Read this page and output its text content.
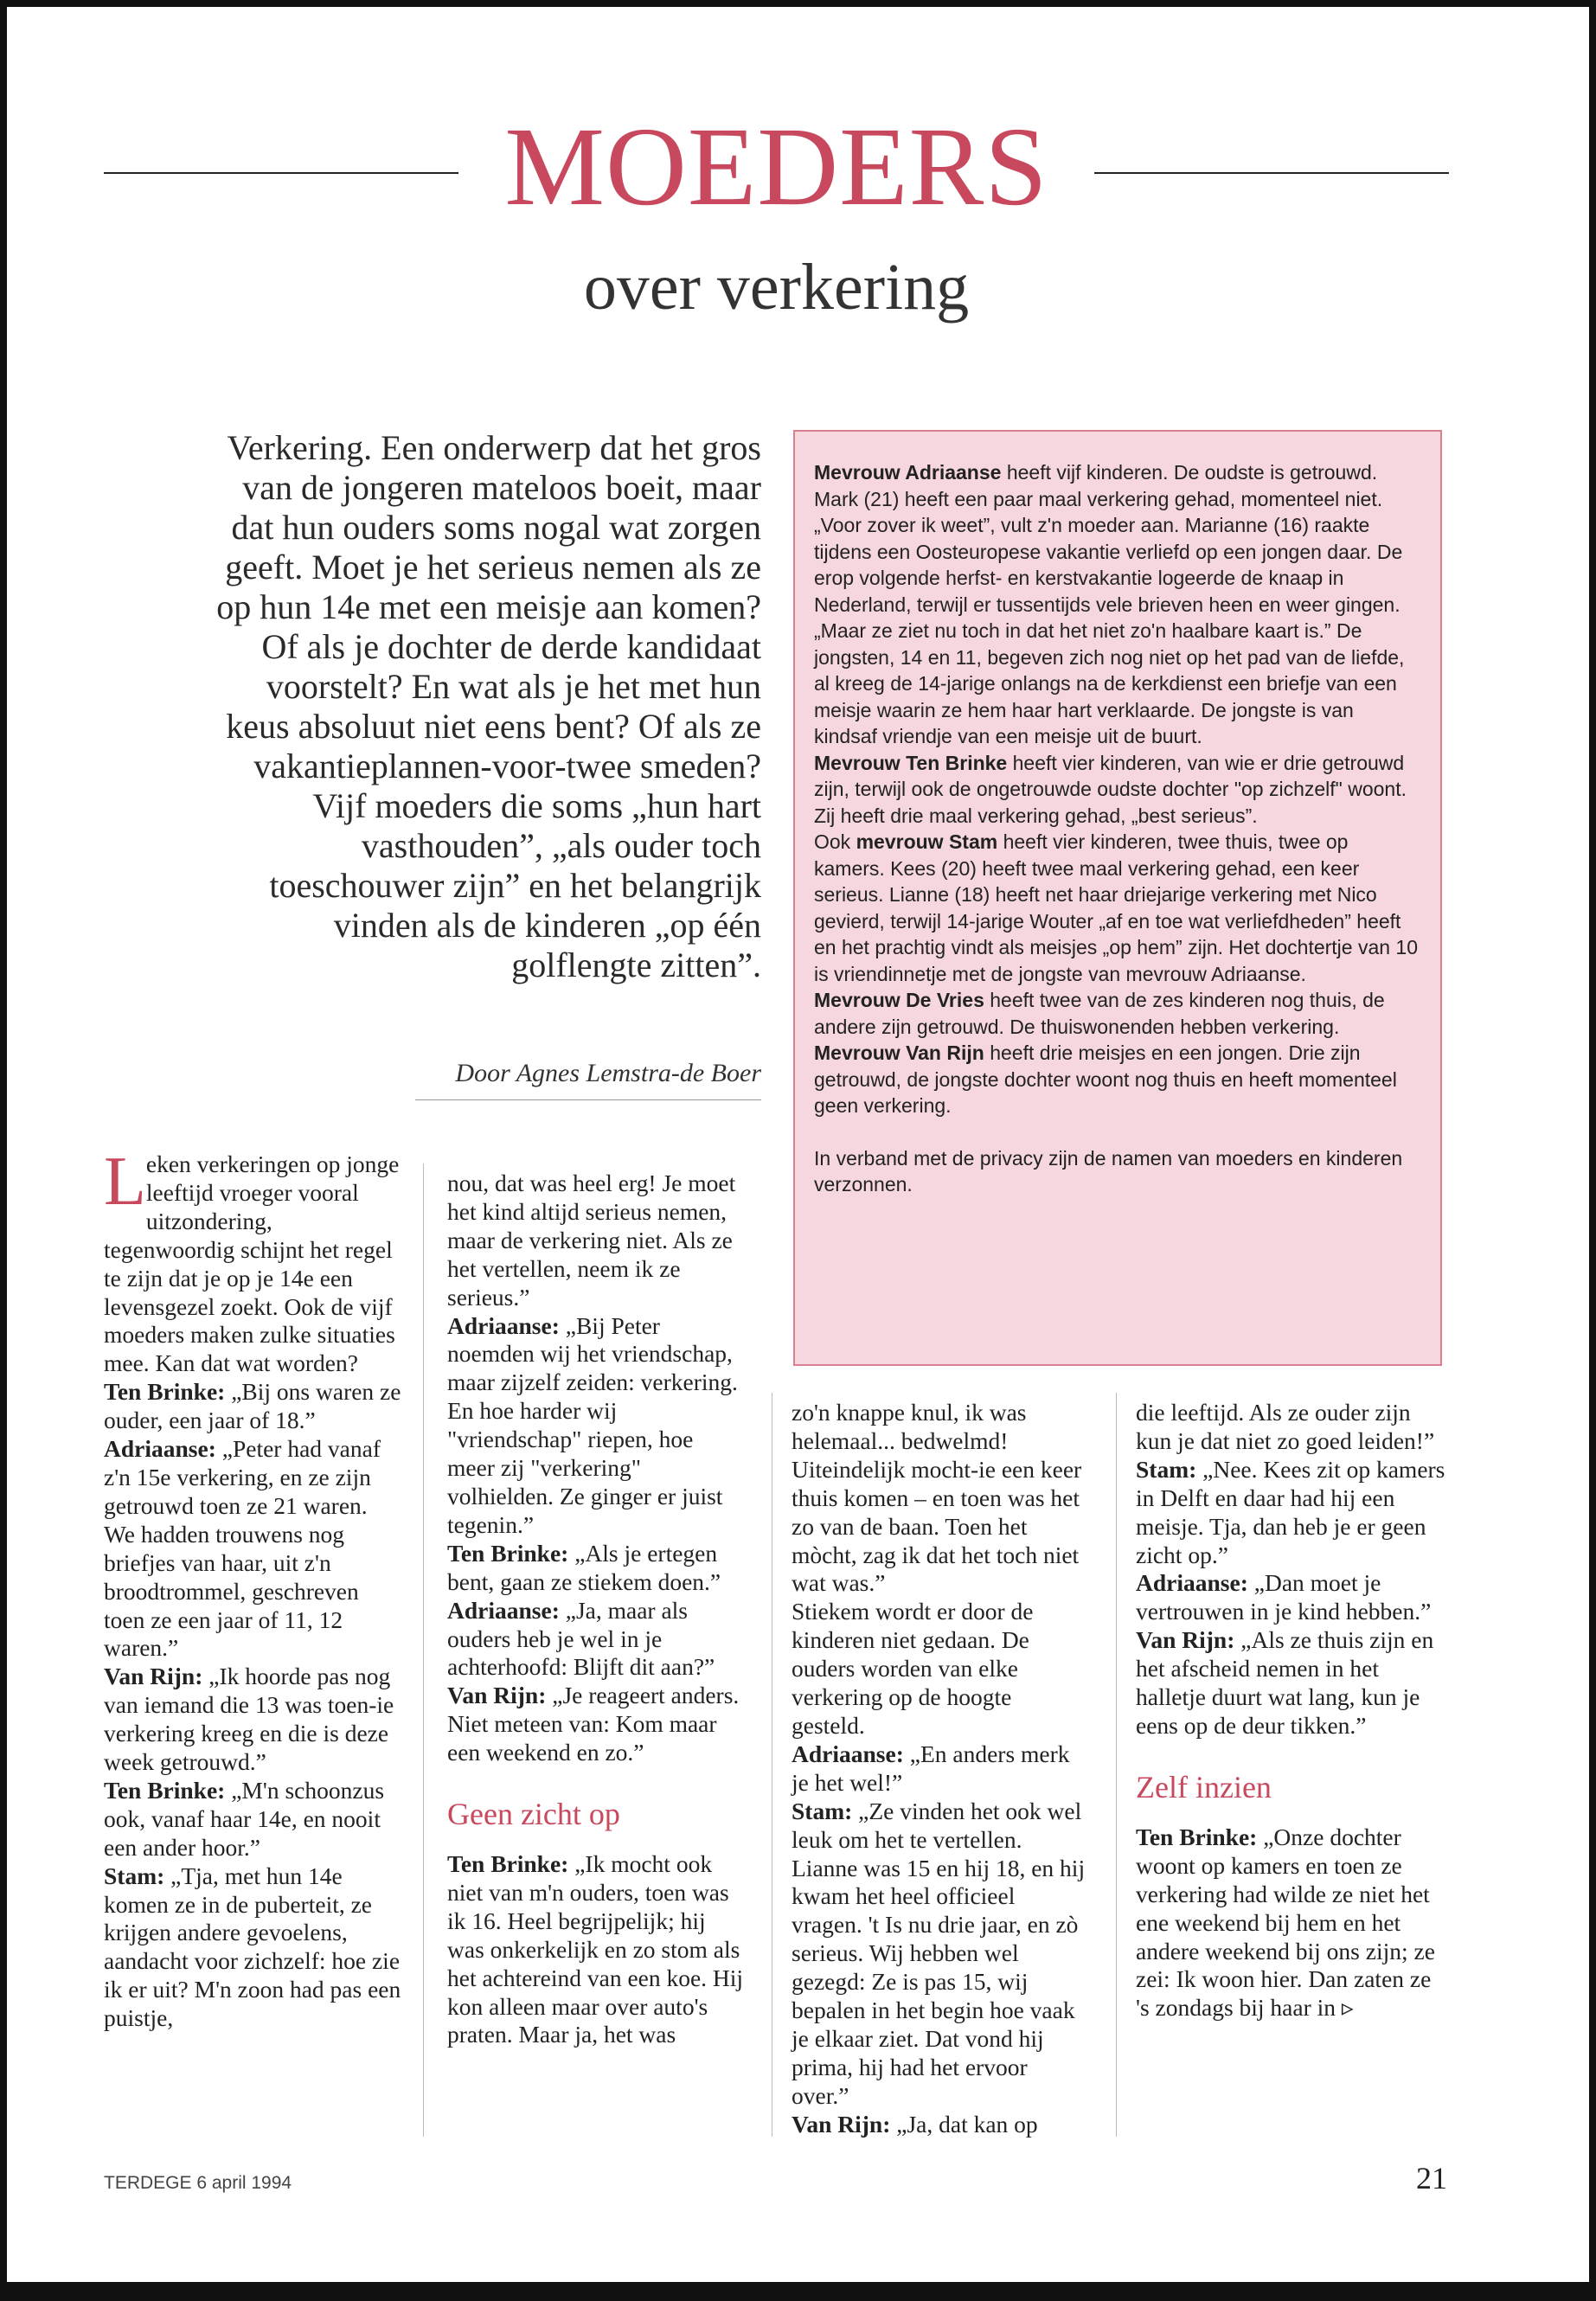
MOEDERS
over verkering
Verkering. Een onderwerp dat het gros van de jongeren mateloos boeit, maar dat hun ouders soms nogal wat zorgen geeft. Moet je het serieus nemen als ze op hun 14e met een meisje aan komen? Of als je dochter de derde kandidaat voorstelt? En wat als je het met hun keus absoluut niet eens bent? Of als ze vakantieplannen-voor-twee smeden? Vijf moeders die soms „hun hart vasthouden”, „als ouder toch toeschouwer zijn” en het belangrijk vinden als de kinderen „op één golflengte zitten”.
Door Agnes Lemstra-de Boer

Mevrouw Adriaanse heeft vijf kinderen. De oudste is getrouwd. Mark (21) heeft een paar maal verkering gehad, momenteel niet. „Voor zover ik weet”, vult z'n moeder aan. Marianne (16) raakte tijdens een Oosteuropese vakantie verliefd op een jongen daar. De erop volgende herfst- en kerstvakantie logeerde de knaap in Nederland, terwijl er tussentijds vele brieven heen en weer gingen. „Maar ze ziet nu toch in dat het niet zo'n haalbare kaart is.” De jongsten, 14 en 11, begeven zich nog niet op het pad van de liefde, al kreeg de 14-jarige onlangs na de kerkdienst een briefje van een meisje waarin ze hem haar hart verklaarde. De jongste is van kindsaf vriendje van een meisje uit de buurt.

Mevrouw Ten Brinke heeft vier kinderen, van wie er drie getrouwd zijn, terwijl ook de ongetrouwde oudste dochter "op zichzelf" woont. Zij heeft drie maal verkering gehad, „best serieus”.

Ook mevrouw Stam heeft vier kinderen, twee thuis, twee op kamers. Kees (20) heeft twee maal verkering gehad, een keer serieus. Lianne (18) heeft net haar driejarige verkering met Nico gevierd, terwijl 14-jarige Wouter „af en toe wat verliefdheden” heeft en het prachtig vindt als meisjes „op hem” zijn. Het dochtertje van 10 is vriendinnetje met de jongste van mevrouw Adriaanse.

Mevrouw De Vries heeft twee van de zes kinderen nog thuis, de andere zijn getrouwd. De thuiswonenden hebben verkering.

Mevrouw Van Rijn heeft drie meisjes en een jongen. Drie zijn getrouwd, de jongste dochter woont nog thuis en heeft momenteel geen verkering.

In verband met de privacy zijn de namen van moeders en kinderen verzonnen.

Leken verkeringen op jonge leeftijd vroeger vooral uitzondering, tegenwoordig schijnt het regel te zijn dat je op je 14e een levensgezel zoekt. Ook de vijf moeders maken zulke situaties mee. Kan dat wat worden?

Ten Brinke: „Bij ons waren ze ouder, een jaar of 18.”

Adriaanse: „Peter had vanaf z'n 15e verkering, en ze zijn getrouwd toen ze 21 waren. We hadden trouwens nog briefjes van haar, uit z'n broodtrommel, geschreven toen ze een jaar of 11, 12 waren.”

Van Rijn: „Ik hoorde pas nog van iemand die 13 was toen-ie verkering kreeg en die is deze week getrouwd.”

Ten Brinke: „M'n schoonzus ook, vanaf haar 14e, en nooit een ander hoor.”

Stam: „Tja, met hun 14e komen ze in de puberteit, ze krijgen andere gevoelens, aandacht voor zichzelf: hoe zie ik er uit? M'n zoon had pas een puistje,

nou, dat was heel erg! Je moet het kind altijd serieus nemen, maar de verkering niet. Als ze het vertellen, neem ik ze serieus.”

Adriaanse: „Bij Peter noemden wij het vriendschap, maar zijzelf zeiden: verkering. En hoe harder wij "vriendschap" riepen, hoe meer zij "verkering" volhielden. Ze ginger er juist tegenin.”

Ten Brinke: „Als je ertegen bent, gaan ze stiekem doen.”

Adriaanse: „Ja, maar als ouders heb je wel in je achterhoofd: Blijft dit aan?”

Van Rijn: „Je reageert anders. Niet meteen van: Kom maar een weekend en zo.”

Geen zicht op

Ten Brinke: „Ik mocht ook niet van m'n ouders, toen was ik 16. Heel begrijpelijk; hij was onkerkelijk en zo stom als het achtereind van een koe. Hij kon alleen maar over auto's praten. Maar ja, het was

zo'n knappe knul, ik was helemaal... bedwelmd! Uiteindelijk mocht-ie een keer thuis komen – en toen was het zo van de baan. Toen het mòcht, zag ik dat het toch niet wat was.”

Stiekem wordt er door de kinderen niet gedaan. De ouders worden van elke verkering op de hoogte gesteld.

Adriaanse: „En anders merk je het wel!”

Stam: „Ze vinden het ook wel leuk om het te vertellen. Lianne was 15 en hij 18, en hij kwam het heel officieel vragen. 't Is nu drie jaar, en zò serieus. Wij hebben wel gezegd: Ze is pas 15, wij bepalen in het begin hoe vaak je elkaar ziet. Dat vond hij prima, hij had het ervoor over.”

Van Rijn: „Ja, dat kan op

die leeftijd. Als ze ouder zijn kun je dat niet zo goed leiden!”

Stam: „Nee. Kees zit op kamers in Delft en daar had hij een meisje. Tja, dan heb je er geen zicht op.”

Adriaanse: „Dan moet je vertrouwen in je kind hebben.”

Van Rijn: „Als ze thuis zijn en het afscheid nemen in het halletje duurt wat lang, kun je eens op de deur tikken.”

Zelf inzien

Ten Brinke: „Onze dochter woont op kamers en toen ze verkering had wilde ze niet het ene weekend bij hem en het andere weekend bij ons zijn; ze zei: Ik woon hier. Dan zaten ze 's zondags bij haar in ▹

TERDEGE 6 april 1994	21
